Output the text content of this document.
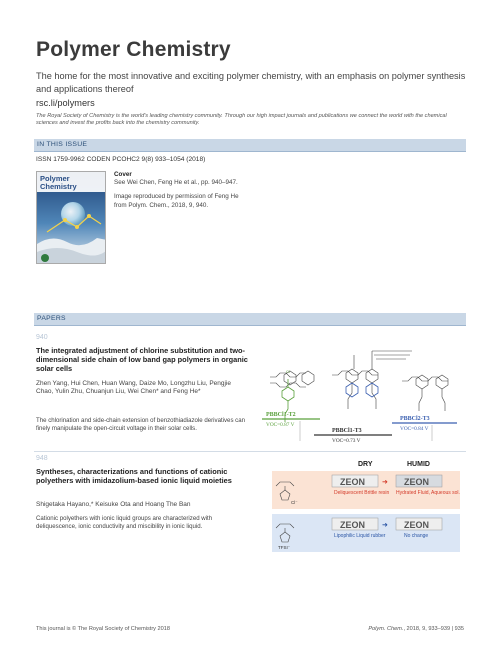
Polymer Chemistry
The home for the most innovative and exciting polymer chemistry, with an emphasis on polymer synthesis and applications thereof
rsc.li/polymers
The Royal Society of Chemistry is the world's leading chemistry community. Through our high impact journals and publications we connect the world with the chemical sciences and invest the profits back into the chemistry community.
IN THIS ISSUE
ISSN 1759-9962 CODEN PCOHC2 9(8) 933–1054 (2018)
Polymer
Chemistry
Cover
See Wei Chen, Feng He et al., pp. 940–947.
Image reproduced by permission of Feng He from Polym. Chem., 2018, 9, 940.
PAPERS
940
The integrated adjustment of chlorine substitution and two-dimensional side chain of low band gap polymers in organic solar cells
Zhen Yang, Hui Chen, Huan Wang, Daize Mo, Longzhu Liu, Pengjie Chao, Yulin Zhu, Chuanjun Liu, Wei Chen* and Feng He*
The chlorination and side-chain extension of benzothiadiazole derivatives can finely manipulate the open-circuit voltage in their solar cells.
Cl
PBBCl1-T2
VOC=0.87 V
PBBCl1-T3
VOC=0.73 V
PBBCl2-T3
VOC=0.84 V
948
Syntheses, characterizations and functions of cationic polyethers with imidazolium-based ionic liquid moieties
Shigetaka Hayano,* Keisuke Ota and Hoang The Ban
Cationic polyethers with ionic liquid groups are characterized with deliquescence, ionic conductivity and miscibility in ionic liquid.
DRY	HUMID
Cl⁻
ZEON
Deliquescent Brittle resin
➜ ZEON
Hydrated Fluid, Aqueous sol.
TFSI⁻
ZEON
Lipophilic Liquid rubber
➜ ZEON
No change
This journal is © The Royal Society of Chemistry 2018	Polym. Chem., 2018, 9, 933–939 | 935
